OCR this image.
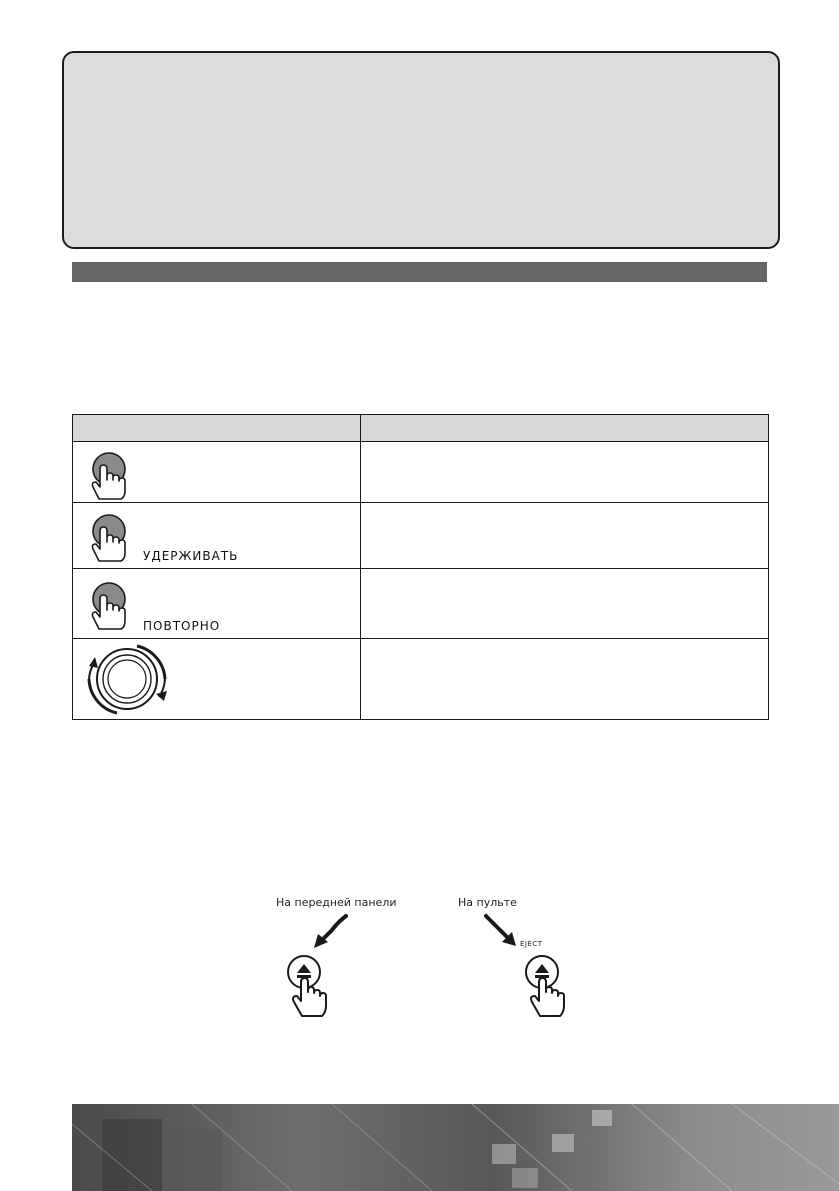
УДЕРЖИВАТЬ
ПОВТОРНО
На передней панели	На пульте
EJECT
